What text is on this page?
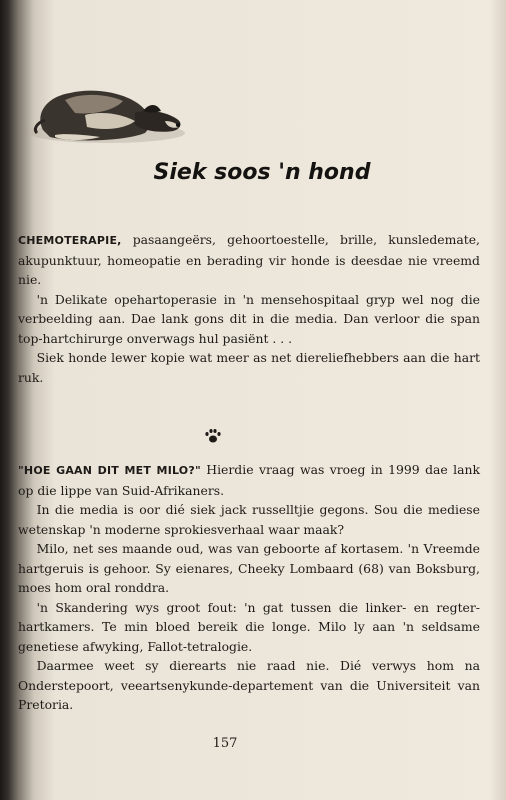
Siek soos 'n hond

CHEMOTERAPIE, pasaangeërs, gehoortoestelle, brille, kunsledemate, akupunktuur, homeopatie en berading vir honde is deesdae nie vreemd nie.

'n Delikate opehartoperasie in 'n mensehospitaal gryp wel nog die verbeelding aan. Dae lank gons dit in die media. Dan verloor die span top-hartchirurge onverwags hul pasiënt . . .

Siek honde lewer kopie wat meer as net diereliefhebbers aan die hart ruk.

"HOE GAAN DIT MET MILO?" Hierdie vraag was vroeg in 1999 dae lank op die lippe van Suid-Afrikaners.

In die media is oor dié siek jack russelltjie gegons. Sou die mediese wetenskap 'n moderne sprokiesverhaal waar maak?

Milo, net ses maande oud, was van geboorte af kortasem. 'n Vreemde hartgeruis is gehoor. Sy eienares, Cheeky Lombaard (68) van Boksburg, moes hom oral ronddra.

'n Skandering wys groot fout: 'n gat tussen die linker- en regter-hartkamers. Te min bloed bereik die longe. Milo ly aan 'n seldsame genetiese afwyking, Fallot-tetralogie.

Daarmee weet sy dierearts nie raad nie. Dié verwys hom na Onderstepoort, veeartsenykunde-departement van die Universiteit van Pretoria.

157
